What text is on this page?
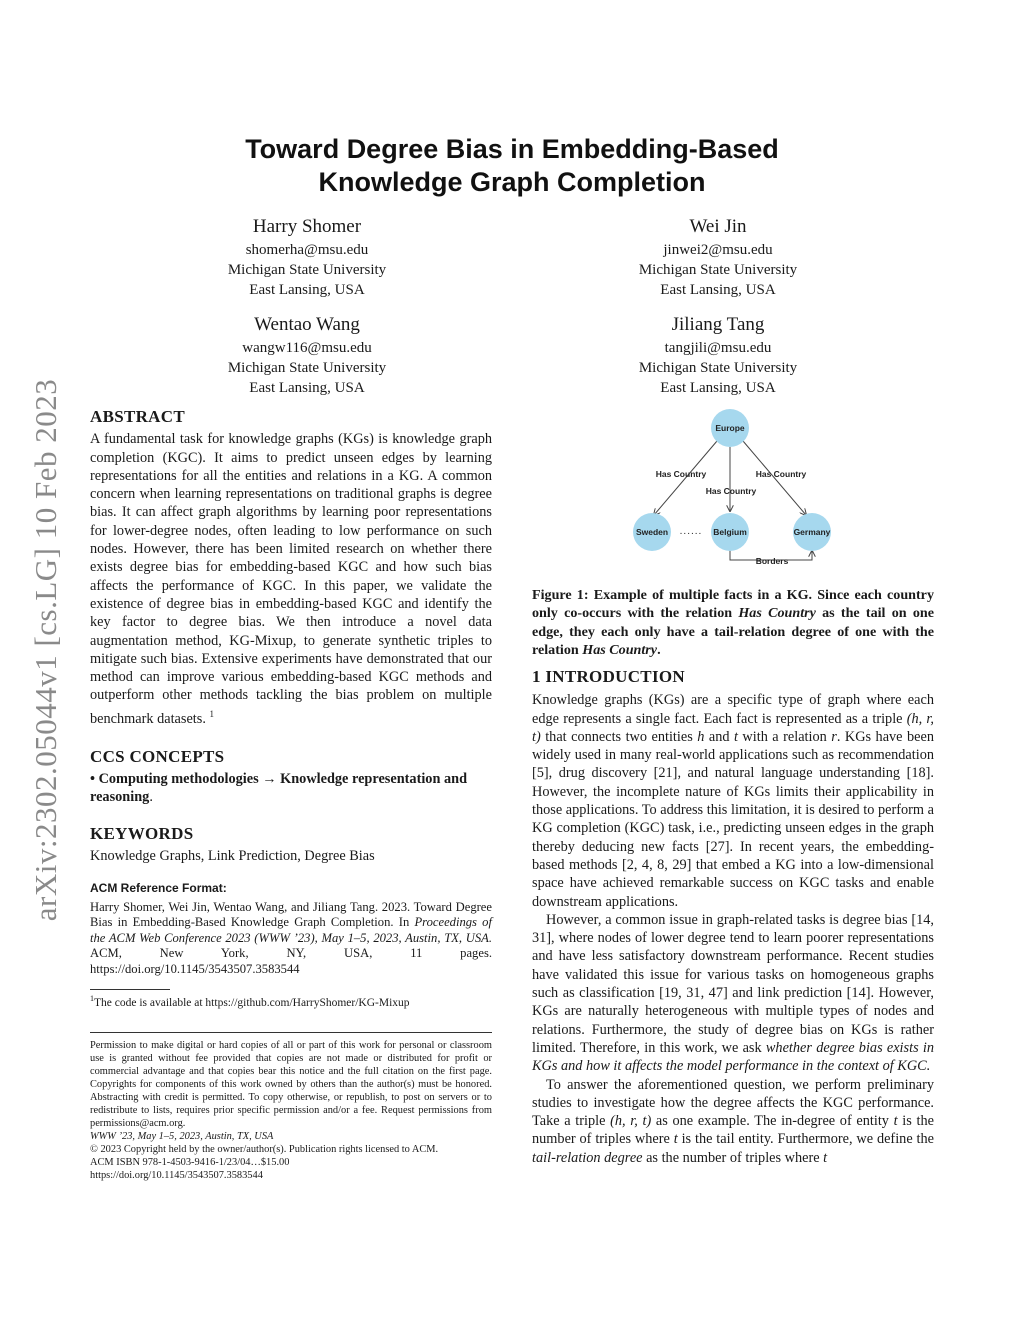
arXiv:2302.05044v1 [cs.LG] 10 Feb 2023
Toward Degree Bias in Embedding-Based
Knowledge Graph Completion
Harry Shomer
shomerha@msu.edu
Michigan State University
East Lansing, USA
Wei Jin
jinwei2@msu.edu
Michigan State University
East Lansing, USA
Wentao Wang
wangw116@msu.edu
Michigan State University
East Lansing, USA
Jiliang Tang
tangjili@msu.edu
Michigan State University
East Lansing, USA
ABSTRACT

A fundamental task for knowledge graphs (KGs) is knowledge graph completion (KGC). It aims to predict unseen edges by learning representations for all the entities and relations in a KG. A common concern when learning representations on traditional graphs is degree bias. It can affect graph algorithms by learning poor representations for lower-degree nodes, often leading to low performance on such nodes. However, there has been limited research on whether there exists degree bias for embedding-based KGC and how such bias affects the performance of KGC. In this paper, we validate the existence of degree bias in embedding-based KGC and identify the key factor to degree bias. We then introduce a novel data augmentation method, KG-Mixup, to generate synthetic triples to mitigate such bias. Extensive experiments have demonstrated that our method can improve various embedding-based KGC methods and outperform other methods tackling the bias problem on multiple benchmark datasets. $^1$

CCS CONCEPTS

• Computing methodologies → Knowledge representation and reasoning.

KEYWORDS

Knowledge Graphs, Link Prediction, Degree Bias

ACM Reference Format:

Harry Shomer, Wei Jin, Wentao Wang, and Jiliang Tang. 2023. Toward Degree Bias in Embedding-Based Knowledge Graph Completion. In Proceedings of the ACM Web Conference 2023 (WWW ’23), May 1–5, 2023, Austin, TX, USA. ACM, New York, NY, USA, 11 pages. https://doi.org/10.1145/3543507.3583544

$^1$The code is available at https://github.com/HarryShomer/KG-Mixup
Permission to make digital or hard copies of all or part of this work for personal or classroom use is granted without fee provided that copies are not made or distributed for profit or commercial advantage and that copies bear this notice and the full citation on the first page. Copyrights for components of this work owned by others than the author(s) must be honored. Abstracting with credit is permitted. To copy otherwise, or republish, to post on servers or to redistribute to lists, requires prior specific permission and/or a fee. Request permissions from permissions@acm.org.
WWW ’23, May 1–5, 2023, Austin, TX, USA
© 2023 Copyright held by the owner/author(s). Publication rights licensed to ACM.
ACM ISBN 978-1-4503-9416-1/23/04…$15.00
https://doi.org/10.1145/3543507.3583544
Europe
Sweden	Belgium	Germany
Has Country
Has Country
Has Country
Borders
......
Figure 1: Example of multiple facts in a KG. Since each country only co-occurs with the relation Has Country as the tail on one edge, they each only have a tail-relation degree of one with the relation Has Country.
1 INTRODUCTION

Knowledge graphs (KGs) are a specific type of graph where each edge represents a single fact. Each fact is represented as a triple (h, r, t) that connects two entities h and t with a relation r. KGs have been widely used in many real-world applications such as recommendation [5], drug discovery [21], and natural language understanding [18]. However, the incomplete nature of KGs limits their applicability in those applications. To address this limitation, it is desired to perform a KG completion (KGC) task, i.e., predicting unseen edges in the graph thereby deducing new facts [27]. In recent years, the embedding-based methods [2, 4, 8, 29] that embed a KG into a low-dimensional space have achieved remarkable success on KGC tasks and enable downstream applications.

However, a common issue in graph-related tasks is degree bias [14, 31], where nodes of lower degree tend to learn poorer representations and have less satisfactory downstream performance. Recent studies have validated this issue for various tasks on homogeneous graphs such as classification [19, 31, 47] and link prediction [14]. However, KGs are naturally heterogeneous with multiple types of nodes and relations. Furthermore, the study of degree bias on KGs is rather limited. Therefore, in this work, we ask whether degree bias exists in KGs and how it affects the model performance in the context of KGC.

To answer the aforementioned question, we perform preliminary studies to investigate how the degree affects the KGC performance. Take a triple (h, r, t) as one example. The in-degree of entity t is the number of triples where t is the tail entity. Furthermore, we define the tail-relation degree as the number of triples where t
